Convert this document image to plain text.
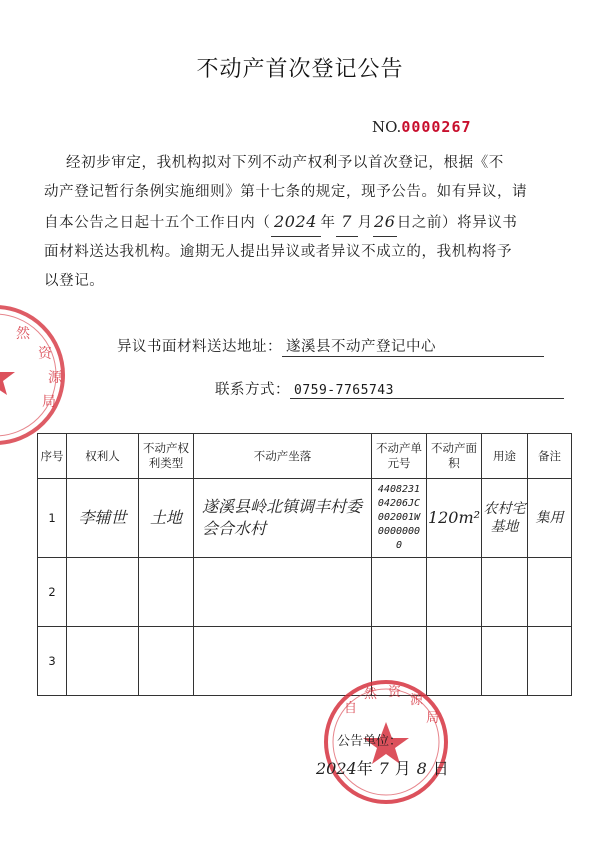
不动产首次登记公告
NO.0000267

经初步审定，我机构拟对下列不动产权利予以首次登记，根据《不

动产登记暂行条例实施细则》第十七条的规定，现予公告。如有异议，请

自本公告之日起十五个工作日内（ 2024 年 7 月26日之前）将异议书

面材料送达我机构。逾期无人提出异议或者异议不成立的，我机构将予

以登记。

异议书面材料送达地址： 遂溪县不动产登记中心
联系方式： 0759-7765743
序号	权利人	不动产权利类型	不动产坐落	不动产单元号	不动产面积	用途	备注
1	李辅世	土地	遂溪县岭北镇调丰村委会合水村	440823104206JC002001W00000000	120m²	农村宅基地	集用
2							
3							
然
资
源
局
自
然 资
源
局
公告单位：
2024年 7 月 8 日
